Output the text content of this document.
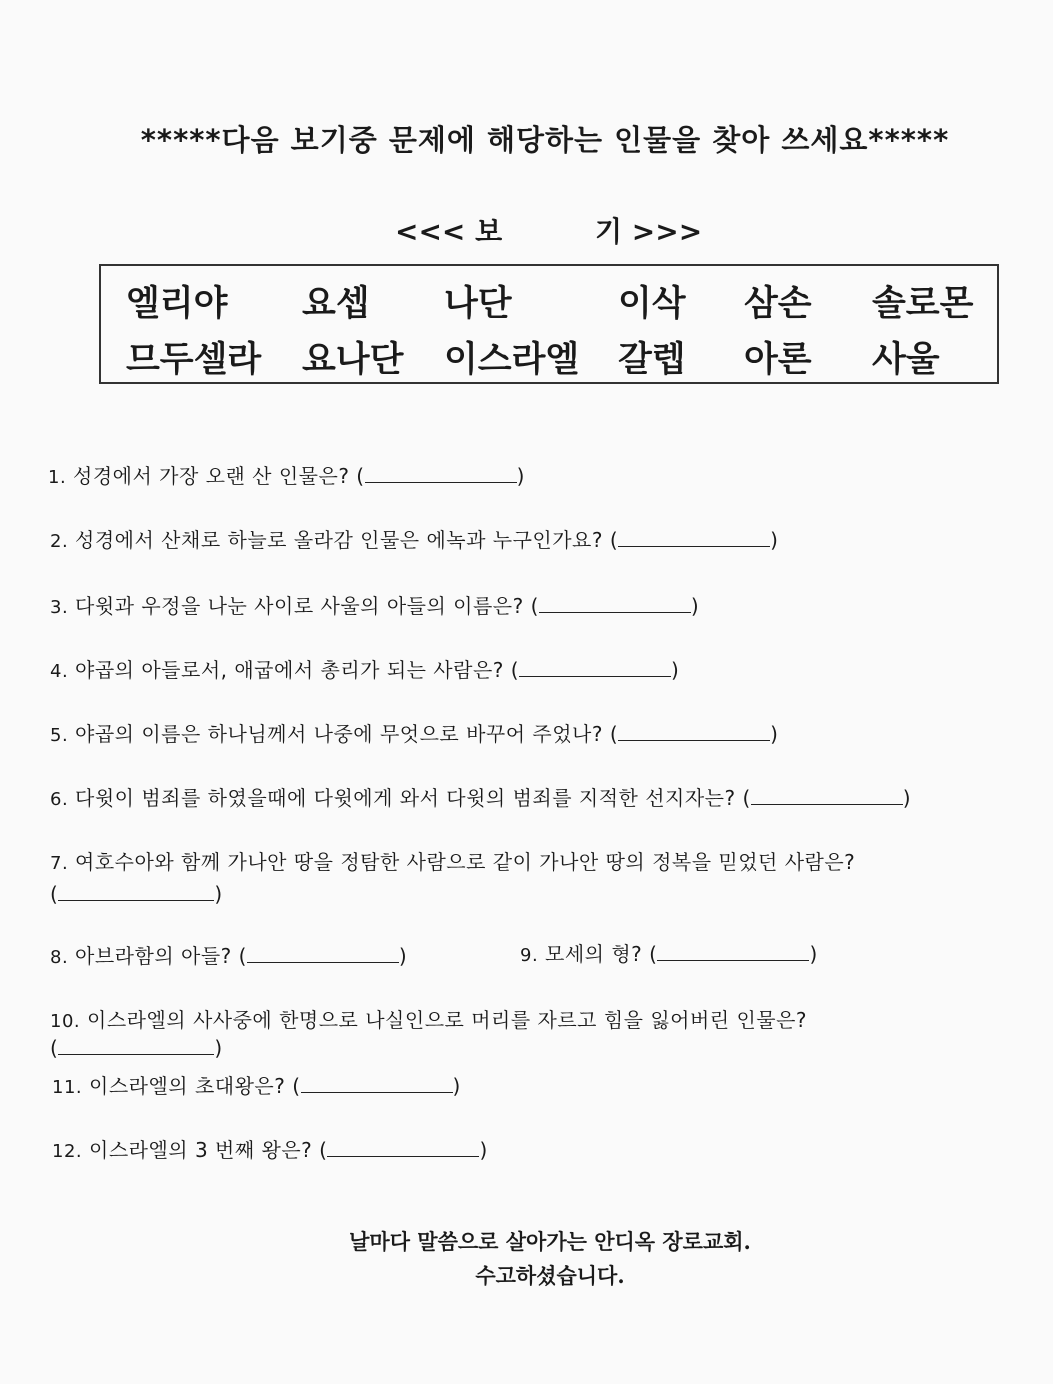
*****다음 보기중 문제에 해당하는 인물을 찾아 쓰세요*****
<<< 보	기 >>>
엘리야 요셉 나단	이삭 삼손 솔로몬
므두셀라 요나단 이스라엘 갈렙 아론 사울
1. 성경에서 가장 오랜 산 인물은? (	)
2. 성경에서 산채로 하늘로 올라감 인물은 에녹과 누구인가요? (	)
3. 다윗과 우정을 나눈 사이로 사울의 아들의 이름은? (	)
4. 야곱의 아들로서, 애굽에서 총리가 되는 사람은? (	)
5. 야곱의 이름은 하나님께서 나중에 무엇으로 바꾸어 주었나? (	)
6. 다윗이 범죄를 하였을때에 다윗에게 와서 다윗의 범죄를 지적한 선지자는? (	)
7. 여호수아와 함께 가나안 땅을 정탐한 사람으로 같이 가나안 땅의 정복을 믿었던 사람은?
(	)
8. 아브라함의 아들? (	)	9. 모세의 형? (	)
10. 이스라엘의 사사중에 한명으로 나실인으로 머리를 자르고 힘을 잃어버린 인물은?
(	)
11. 이스라엘의 초대왕은? (	)
12. 이스라엘의 3 번째 왕은? (	)
날마다 말씀으로 살아가는 안디옥 장로교회.
수고하셨습니다.
